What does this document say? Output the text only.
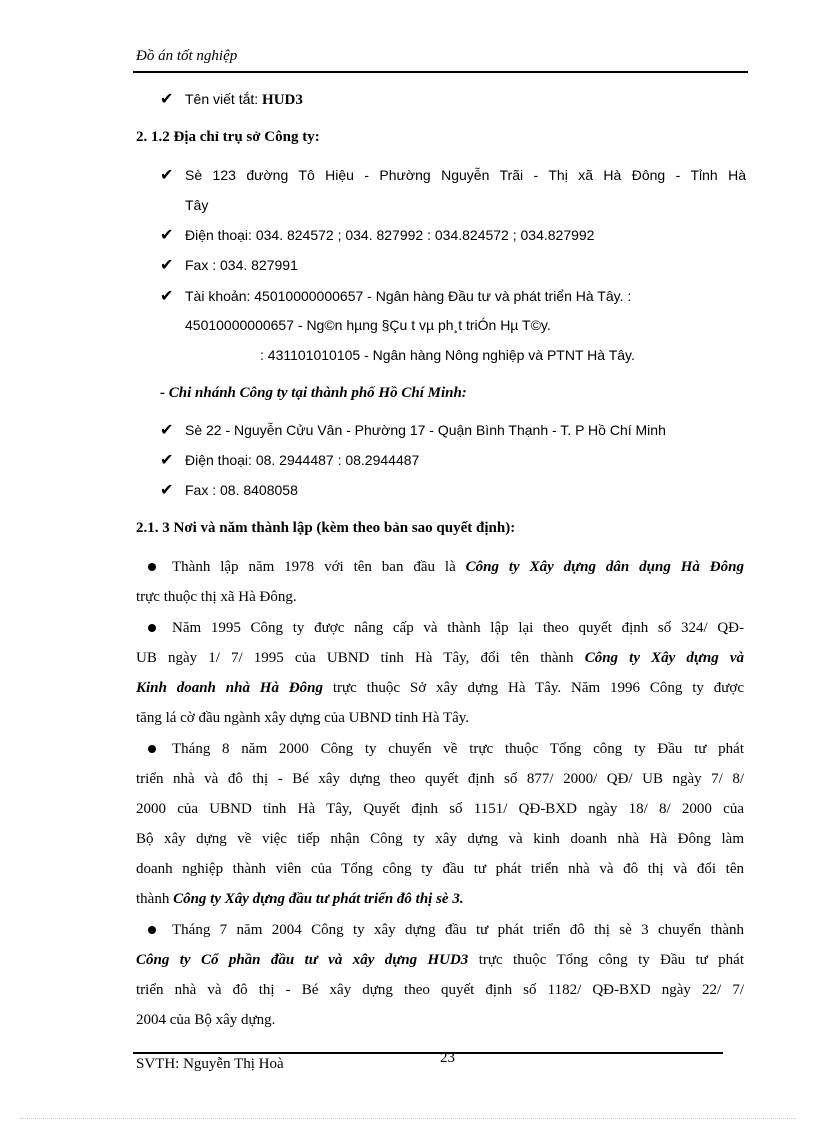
Đồ án tốt nghiệp
✔ Tên viết tắt: HUD3
2. 1.2 Địa chỉ trụ sở Công ty:
✔ Sè 123 đường Tô Hiệu - Phường Nguyễn Trãi - Thị xã Hà Đông - Tỉnh Hà
Tây
✔ Điện thoại: 034. 824572 ; 034. 827992 : 034.824572 ; 034.827992
✔ Fax : 034. 827991
✔ Tài khoản: 45010000000657 - Ngân hàng Đầu tư và phát triển Hà Tây. :
45010000000657 - Ng©n hµng §Çu t vµ ph¸t triÓn Hµ T©y.
: 431101010105 - Ngân hàng Nông nghiệp và PTNT Hà Tây.
- Chi nhánh Công ty tại thành phố Hồ Chí Minh:
✔ Sè 22 - Nguyễn Cửu Vân - Phường 17 - Quận Bình Thạnh - T. P Hồ Chí Minh
✔ Điện thoại: 08. 2944487 : 08.2944487
✔ Fax : 08. 8408058
2.1. 3 Nơi và năm thành lập (kèm theo bản sao quyết định):
Thành lập năm 1978 với tên ban đầu là Công ty Xây dựng dân dụng Hà Đông
trực thuộc thị xã Hà Đông.
Năm 1995 Công ty được nâng cấp và thành lập lại theo quyết định số 324/ QĐ-
UB ngày 1/ 7/ 1995 của UBND tỉnh Hà Tây, đổi tên thành Công ty Xây dựng và
Kinh doanh nhà Hà Đông trực thuộc Sở xây dựng Hà Tây. Năm 1996 Công ty được
tăng lá cờ đầu ngành xây dựng của UBND tỉnh Hà Tây.
Tháng 8 năm 2000 Công ty chuyển về trực thuộc Tổng công ty Đầu tư phát
triển nhà và đô thị - Bé xây dựng theo quyết định số 877/ 2000/ QĐ/ UB ngày 7/ 8/
2000 của UBND tỉnh Hà Tây, Quyết định số 1151/ QĐ-BXD ngày 18/ 8/ 2000 của
Bộ xây dựng về việc tiếp nhận Công ty xây dựng và kinh doanh nhà Hà Đông làm
doanh nghiệp thành viên của Tổng công ty đầu tư phát triển nhà và đô thị và đổi tên
thành Công ty Xây dựng đầu tư phát triển đô thị sè 3.
Tháng 7 năm 2004 Công ty xây dựng đầu tư phát triển đô thị sè 3 chuyển thành
Công ty Cổ phần đầu tư và xây dựng HUD3 trực thuộc Tổng công ty Đầu tư phát
triển nhà và đô thị - Bé xây dựng theo quyết định số 1182/ QĐ-BXD ngày 22/ 7/
2004 của Bộ xây dựng.
23
SVTH: Nguyễn Thị Hoà
